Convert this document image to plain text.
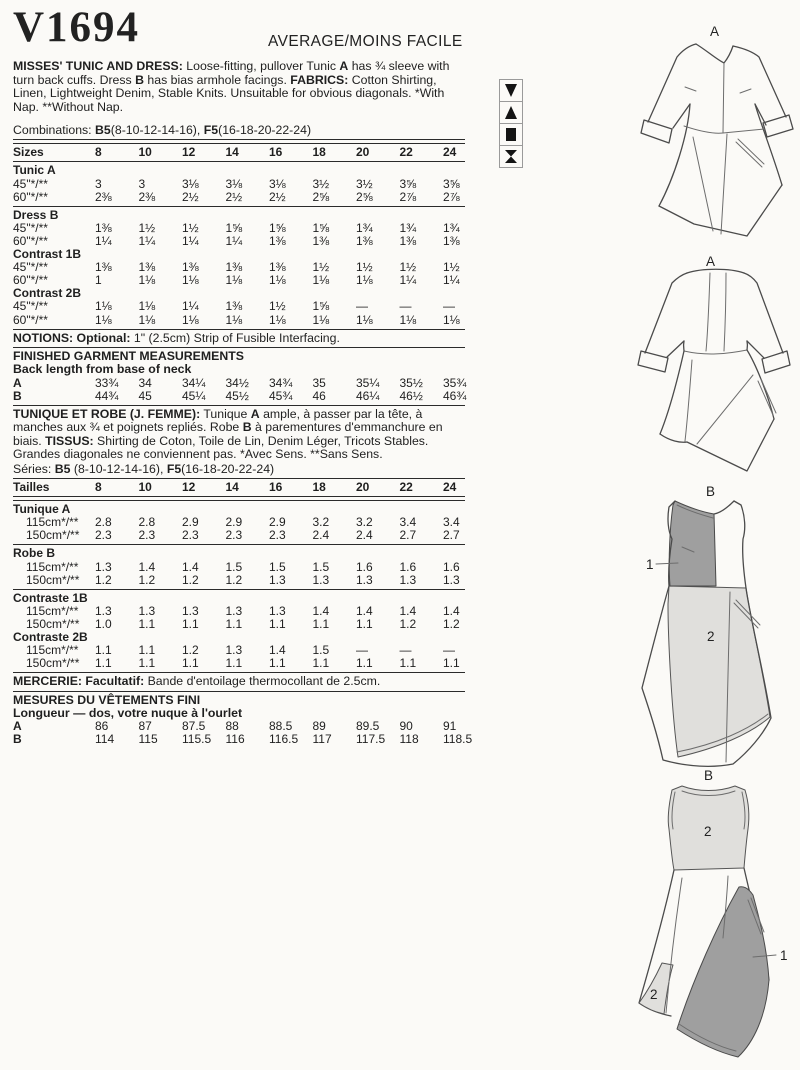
AVERAGE/MOINS FACILE
V1694

MISSES' TUNIC AND DRESS: Loose-fitting, pullover Tunic A has ¾ sleeve with turn back cuffs. Dress B has bias armhole facings. FABRICS: Cotton Shirting, Linen, Lightweight Denim, Stable Knits. Unsuitable for obvious diagonals. *With Nap. **Without Nap.

Combinations: B5(8-10-12-14-16), F5(16-18-20-22-24)
Sizes	8	10	12	14	16	18	20	22	24
Tunic A
45"*/**	3	3	3⅛	3⅛	3⅛	3½	3½	3⅝	3⅝
60"*/**	2⅜	2⅜	2½	2½	2½	2⅝	2⅝	2⅞	2⅞
Dress B
45"*/**	1⅜	1½	1½	1⅝	1⅝	1⅝	1¾	1¾	1¾
60"*/**	1¼	1¼	1¼	1¼	1⅜	1⅜	1⅜	1⅜	1⅜
Contrast 1B
45"*/**	1⅜	1⅜	1⅜	1⅜	1⅜	1½	1½	1½	1½
60"*/**	1	1⅛	1⅛	1⅛	1⅛	1⅛	1⅛	1¼	1¼
Contrast 2B
45"*/**	1⅛	1⅛	1¼	1⅜	1½	1⅝	—	—	—
60"*/**	1⅛	1⅛	1⅛	1⅛	1⅛	1⅛	1⅛	1⅛	1⅛
NOTIONS: Optional: 1" (2.5cm) Strip of Fusible Interfacing.
FINISHED GARMENT MEASUREMENTS
Back length from base of neck
A	33¾	34	34¼	34½	34¾	35	35¼	35½	35¾
B	44¾	45	45¼	45½	45¾	46	46¼	46½	46¾

TUNIQUE ET ROBE (J. FEMME): Tunique A ample, à passer par la tête, à manches aux ¾ et poignets repliés. Robe B à parementures d'emmanchure en biais. TISSUS: Shirting de Coton, Toile de Lin, Denim Léger, Tricots Stables. Grandes diagonales ne conviennent pas. *Avec Sens. **Sans Sens.

Séries: B5 (8-10-12-14-16), F5(16-18-20-22-24)
Tailles	8	10	12	14	16	18	20	22	24
Tunique A
115cm*/**	2.8	2.8	2.9	2.9	2.9	3.2	3.2	3.4	3.4
150cm*/**	2.3	2.3	2.3	2.3	2.3	2.4	2.4	2.7	2.7
Robe B
115cm*/**	1.3	1.4	1.4	1.5	1.5	1.5	1.6	1.6	1.6
150cm*/**	1.2	1.2	1.2	1.2	1.3	1.3	1.3	1.3	1.3
Contraste 1B
115cm*/**	1.3	1.3	1.3	1.3	1.3	1.4	1.4	1.4	1.4
150cm*/**	1.0	1.1	1.1	1.1	1.1	1.1	1.1	1.2	1.2
Contraste 2B
115cm*/**	1.1	1.1	1.2	1.3	1.4	1.5	—	—	—
150cm*/**	1.1	1.1	1.1	1.1	1.1	1.1	1.1	1.1	1.1
MERCERIE: Facultatif: Bande d'entoilage thermocollant de 2.5cm.
MESURES DU VÊTEMENTS FINI
Longueur — dos, votre nuque à l'ourlet
A	86	87	87.5	88	88.5	89	89.5	90	91
B	114	115	115.5	116	116.5	117	117.5	118	118.5
A
A
B
1
2
B
2
1
2
